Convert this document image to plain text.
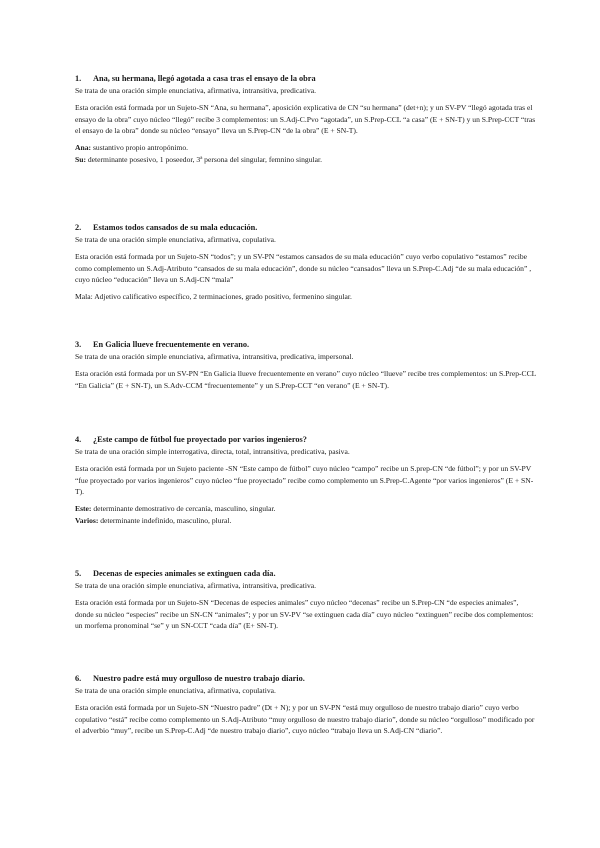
1. Ana, su hermana, llegó agotada a casa tras el ensayo de la obra

Se trata de una oración simple enunciativa, afirmativa, intransitiva, predicativa.

Esta oración está formada por un Sujeto-SN “Ana, su hermana”, aposición explicativa de CN “su hermana” (det+n); y un SV-PV “llegó agotada tras el ensayo de la obra” cuyo núcleo “llegó” recibe 3 complementos: un S.Adj-C.Pvo “agotada”, un S.Prep-CCL “a casa” (E + SN-T) y un S.Prep-CCT “tras el ensayo de la obra” donde su núcleo “ensayo” lleva un S.Prep-CN “de la obra” (E + SN-T).

Ana: sustantivo propio antropónimo.

Su: determinante posesivo, 1 poseedor, 3ª persona del singular, femnino singular.

2. Estamos todos cansados de su mala educación.

Se trata de una oración simple enunciativa, afirmativa, copulativa.

Esta oración está formada por un Sujeto-SN “todos”; y un SV-PN “estamos cansados de su mala educación” cuyo verbo copulativo “estamos” recibe como complemento un S.Adj-Atributo “cansados de su mala educación”, donde su núcleo “cansados” lleva un S.Prep-C.Adj “de su mala educación” , cuyo núcleo “educación” lleva un S.Adj-CN “mala”

Mala: Adjetivo calificativo específico, 2 terminaciones, grado positivo, fermenino singular.

3. En Galicia llueve frecuentemente en verano.

Se trata de una oración simple enunciativa, afirmativa, intransitiva, predicativa, impersonal.

Esta oración está formada por un SV-PN “En Galicia llueve frecuentemente en verano” cuyo núcleo “llueve” recibe tres complementos: un S.Prep-CCL “En Galicia” (E + SN-T), un S.Adv-CCM “frecuentemente” y un S.Prep-CCT “en verano” (E + SN-T).

4. ¿Este campo de fútbol fue proyectado por varios ingenieros?

Se trata de una oración simple interrogativa, directa, total, intransitiva, predicativa, pasiva.

Esta oración está formada por un Sujeto paciente -SN “Este campo de fútbol” cuyo núcleo “campo” recibe un S.prep-CN “de fútbol”; y por un SV-PV “fue proyectado por varios ingenieros” cuyo núcleo “fue proyectado” recibe como complemento un S.Prep-C.Agente “por varios ingenieros” (E + SN-T).

Este: determinante demostrativo de cercanía, masculino, singular.

Varios: determinante indefinido, masculino, plural.

5. Decenas de especies animales se extinguen cada día.

Se trata de una oración simple enunciativa, afirmativa, intransitiva, predicativa.

Esta oración está formada por un Sujeto-SN “Decenas de especies animales” cuyo núcleo “decenas” recibe un S.Prep-CN “de especies animales”, donde su núcleo “especies” recibe un SN-CN “animales”; y por un SV-PV “se extinguen cada día” cuyo núcleo “extinguen” recibe dos complementos: un morfema pronominal “se” y un SN-CCT “cada día” (E+ SN-T).

6. Nuestro padre está muy orgulloso de nuestro trabajo diario.

Se trata de una oración simple enunciativa, afirmativa, copulativa.

Esta oración está formada por un Sujeto-SN “Nuestro padre” (Dt + N); y por un SV-PN “está muy orgulloso de nuestro trabajo diario” cuyo verbo copulativo “está” recibe como complemento un S.Adj-Atributo “muy orgulloso de nuestro trabajo diario”, donde su núcleo “orgulloso” modificado por el adverbio “muy”, recibe un S.Prep-C.Adj “de nuestro trabajo diario”, cuyo núcleo “trabajo lleva un S.Adj-CN “diario”.
